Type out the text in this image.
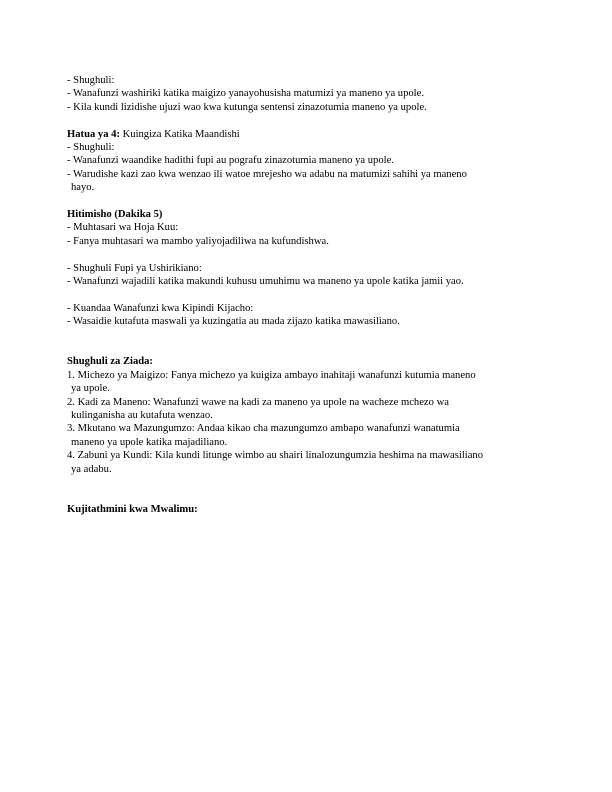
- Shughuli:

- Wanafunzi washiriki katika maigizo yanayohusisha matumizi ya maneno ya upole.

- Kila kundi lizidishe ujuzi wao kwa kutunga sentensi zinazotumia maneno ya upole.

Hatua ya 4: Kuingiza Katika Maandishi

- Shughuli:

- Wanafunzi waandike hadithi fupi au pografu zinazotumia maneno ya upole.

- Warudishe kazi zao kwa wenzao ili watoe mrejesho wa adabu na matumizi sahihi ya maneno

hayo.

Hitimisho (Dakika 5)

- Muhtasari wa Hoja Kuu:

- Fanya muhtasari wa mambo yaliyojadiliwa na kufundishwa.

- Shughuli Fupi ya Ushirikiano:

- Wanafunzi wajadili katika makundi kuhusu umuhimu wa maneno ya upole katika jamii yao.

- Kuandaa Wanafunzi kwa Kipindi Kijacho:

- Wasaidie kutafuta maswali ya kuzingatia au mada zijazo katika mawasiliano.

Shughuli za Ziada:

1. Michezo ya Maigizo: Fanya michezo ya kuigiza ambayo inahitaji wanafunzi kutumia maneno

ya upole.

2. Kadi za Maneno: Wanafunzi wawe na kadi za maneno ya upole na wacheze mchezo wa

kulinganisha au kutafuta wenzao.

3. Mkutano wa Mazungumzo: Andaa kikao cha mazungumzo ambapo wanafunzi wanatumia

maneno ya upole katika majadiliano.

4. Zabuni ya Kundi: Kila kundi litunge wimbo au shairi linalozungumzia heshima na mawasiliano

ya adabu.

Kujitathmini kwa Mwalimu:
